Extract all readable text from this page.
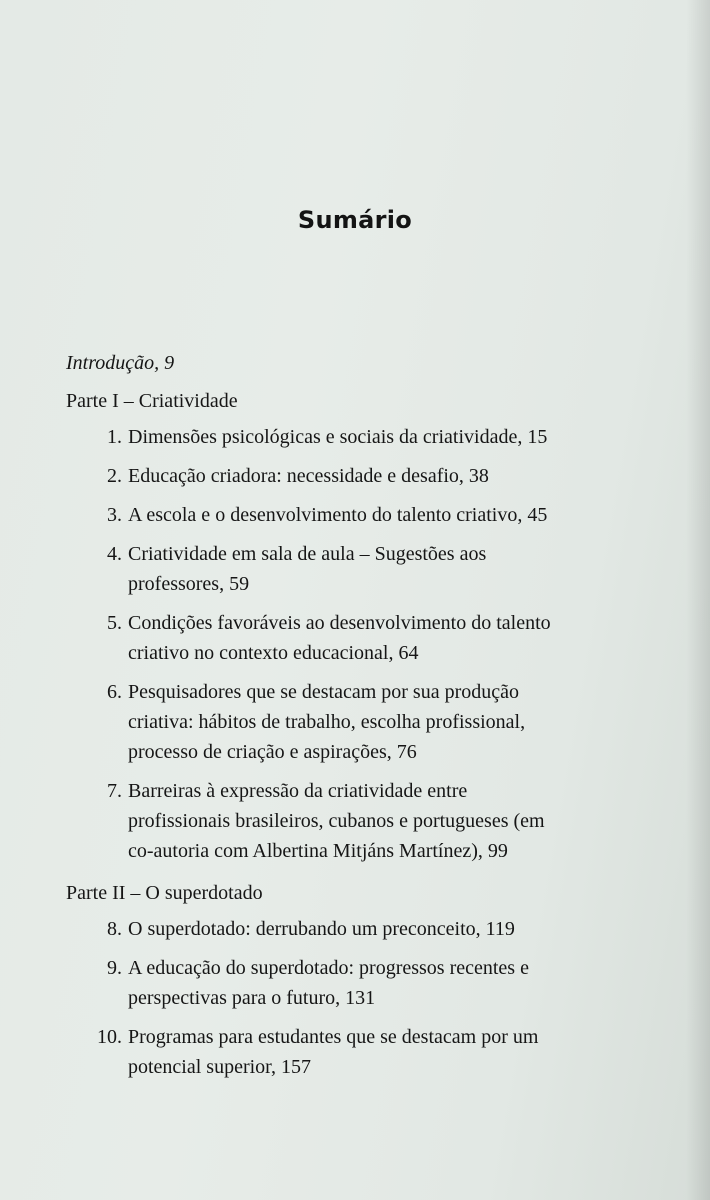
Sumário
Introdução, 9
Parte I – Criatividade
1. Dimensões psicológicas e sociais da criatividade, 15
2. Educação criadora: necessidade e desafio, 38
3. A escola e o desenvolvimento do talento criativo, 45
4. Criatividade em sala de aula – Sugestões aos
professores, 59
5. Condições favoráveis ao desenvolvimento do talento
criativo no contexto educacional, 64
6. Pesquisadores que se destacam por sua produção
criativa: hábitos de trabalho, escolha profissional,
processo de criação e aspirações, 76
7. Barreiras à expressão da criatividade entre
profissionais brasileiros, cubanos e portugueses (em
co-autoria com Albertina Mitjáns Martínez), 99
Parte II – O superdotado
8. O superdotado: derrubando um preconceito, 119
9. A educação do superdotado: progressos recentes e
perspectivas para o futuro, 131
10. Programas para estudantes que se destacam por um
potencial superior, 157
